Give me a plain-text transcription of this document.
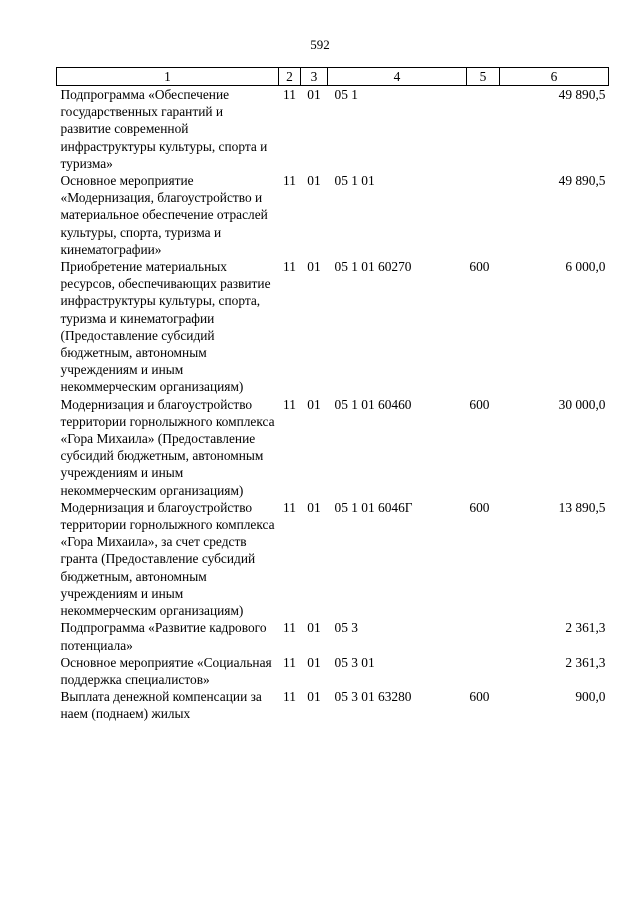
592
1	2	3	4	5	6
Подпрограмма «Обеспечение государственных гарантий и развитие современной инфраструктуры культуры, спорта и туризма»	11	01	05 1		49 890,5
Основное мероприятие «Модернизация, благоустройство и материальное обеспечение отраслей культуры, спорта, туризма и кинематографии»	11	01	05 1 01		49 890,5
Приобретение материальных ресурсов, обеспечивающих развитие инфраструктуры культуры, спорта, туризма и кинематографии (Предоставление субсидий бюджетным, автономным учреждениям и иным некоммерческим организациям)	11	01	05 1 01 60270	600	6 000,0
Модернизация и благоустройство территории горнолыжного комплекса «Гора Михаила» (Предоставление субсидий бюджетным, автономным учреждениям и иным некоммерческим организациям)	11	01	05 1 01 60460	600	30 000,0
Модернизация и благоустройство территории горнолыжного комплекса «Гора Михаила», за счет средств гранта (Предоставление субсидий бюджетным, автономным учреждениям и иным некоммерческим организациям)	11	01	05 1 01 6046Г	600	13 890,5
Подпрограмма «Развитие кадрового потенциала»	11	01	05 3		2 361,3
Основное мероприятие «Социальная поддержка специалистов»	11	01	05 3 01		2 361,3
Выплата денежной компенсации за наем (поднаем) жилых	11	01	05 3 01 63280	600	900,0
